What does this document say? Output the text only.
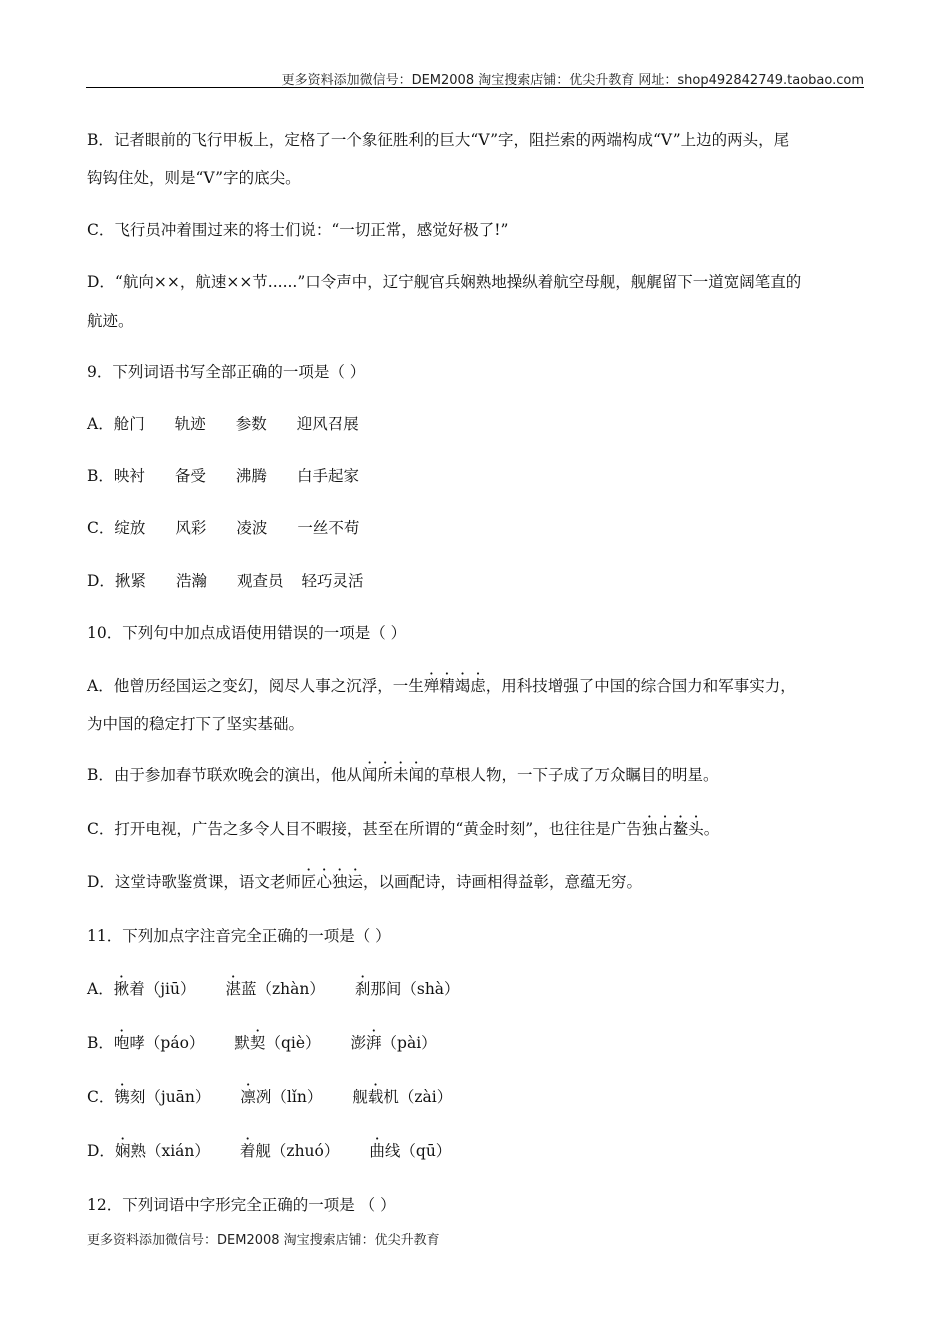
更多资料添加微信号：DEM2008 淘宝搜索店铺：优尖升教育 网址：shop492842749.taobao.com
B．记者眼前的飞行甲板上，定格了一个象征胜利的巨大“V”字，阻拦索的两端构成“V”上边的两头，尾
钩钩住处，则是“V”字的底尖。
C．飞行员冲着围过来的将士们说：“一切正常，感觉好极了!”
D．“航向××，航速××节......”口令声中，辽宁舰官兵娴熟地操纵着航空母舰，舰艉留下一道宽阔笔直的
航迹。
9．下列词语书写全部正确的一项是（ ）
A．舱门 轨迹 参数 迎风召展
B．映衬 备受 沸腾 白手起家
C．绽放 风彩 凌波 一丝不苟
D．揪紧 浩瀚 观查员 轻巧灵活
10．下列句中加点成语使用错误的一项是（ ）
A．他曾历经国运之变幻，阅尽人事之沉浮，一生殚精竭虑，用科技增强了中国的综合国力和军事实力，
为中国的稳定打下了坚实基础。
B．由于参加春节联欢晚会的演出，他从闻所未闻的草根人物，一下子成了万众瞩目的明星。
C．打开电视，广告之多令人目不暇接，甚至在所谓的“黄金时刻”，也往往是广告独占鳌头。
D．这堂诗歌鉴赏课，语文老师匠心独运，以画配诗，诗画相得益彰，意蕴无穷。
11．下列加点字注音完全正确的一项是（ ）
A．揪着（jiū） 湛蓝（zhàn） 刹那间（shà）
B．咆哮（páo） 默契（qiè） 澎湃（pài）
C．镌刻（juān） 凛冽（lǐn） 舰载机（zài）
D．娴熟（xián） 着舰（zhuó） 曲线（qū）
12．下列词语中字形完全正确的一项是 （ ）
更多资料添加微信号：DEM2008 淘宝搜索店铺：优尖升教育
